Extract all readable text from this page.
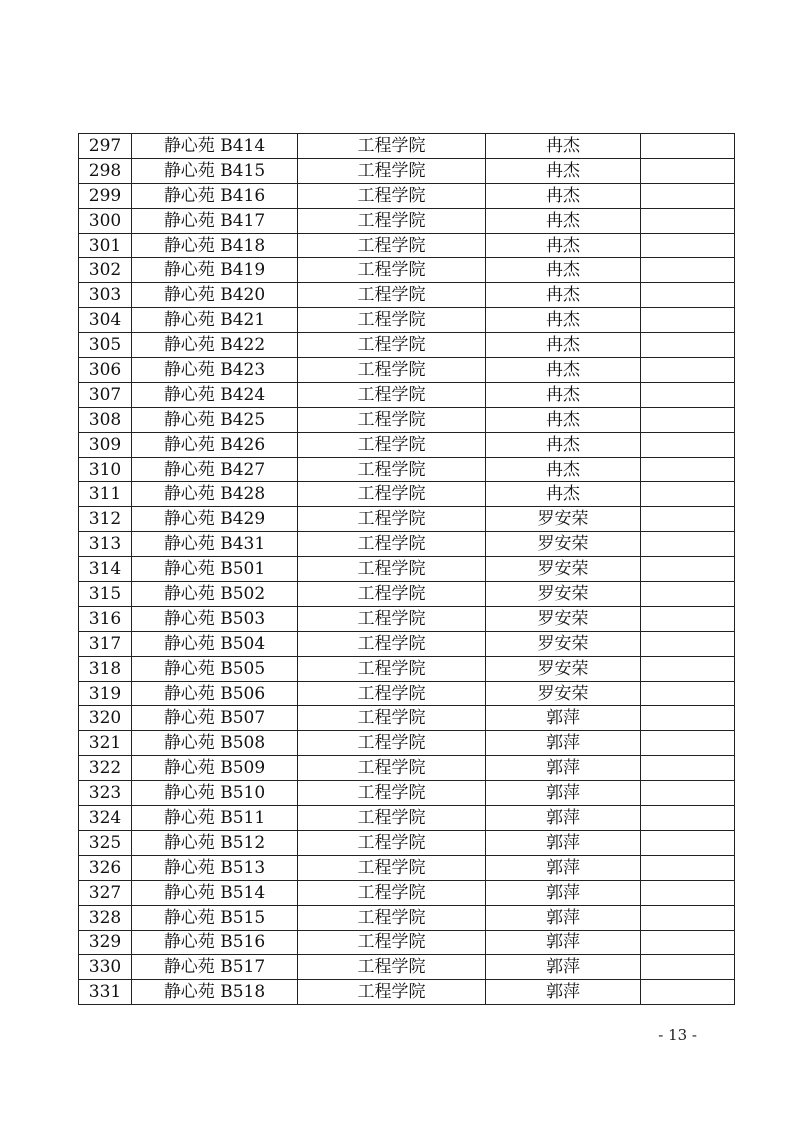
297	静心苑 B414	工程学院	冉杰	
298	静心苑 B415	工程学院	冉杰	
299	静心苑 B416	工程学院	冉杰	
300	静心苑 B417	工程学院	冉杰	
301	静心苑 B418	工程学院	冉杰	
302	静心苑 B419	工程学院	冉杰	
303	静心苑 B420	工程学院	冉杰	
304	静心苑 B421	工程学院	冉杰	
305	静心苑 B422	工程学院	冉杰	
306	静心苑 B423	工程学院	冉杰	
307	静心苑 B424	工程学院	冉杰	
308	静心苑 B425	工程学院	冉杰	
309	静心苑 B426	工程学院	冉杰	
310	静心苑 B427	工程学院	冉杰	
311	静心苑 B428	工程学院	冉杰	
312	静心苑 B429	工程学院	罗安荣	
313	静心苑 B431	工程学院	罗安荣	
314	静心苑 B501	工程学院	罗安荣	
315	静心苑 B502	工程学院	罗安荣	
316	静心苑 B503	工程学院	罗安荣	
317	静心苑 B504	工程学院	罗安荣	
318	静心苑 B505	工程学院	罗安荣	
319	静心苑 B506	工程学院	罗安荣	
320	静心苑 B507	工程学院	郭萍	
321	静心苑 B508	工程学院	郭萍	
322	静心苑 B509	工程学院	郭萍	
323	静心苑 B510	工程学院	郭萍	
324	静心苑 B511	工程学院	郭萍	
325	静心苑 B512	工程学院	郭萍	
326	静心苑 B513	工程学院	郭萍	
327	静心苑 B514	工程学院	郭萍	
328	静心苑 B515	工程学院	郭萍	
329	静心苑 B516	工程学院	郭萍	
330	静心苑 B517	工程学院	郭萍	
331	静心苑 B518	工程学院	郭萍	
- 13 -
